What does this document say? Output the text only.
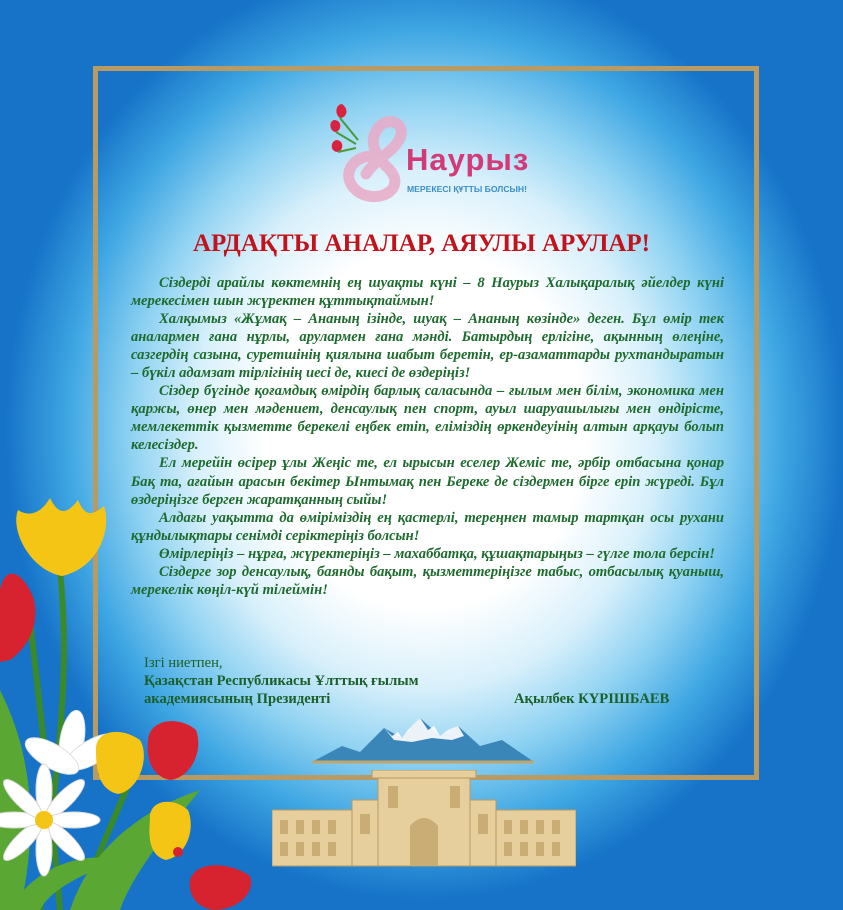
8
Наурыз
МЕРЕКЕСІ ҚҰТТЫ БОЛСЫН!
АРДАҚТЫ АНАЛАР, АЯУЛЫ АРУЛАР!

Сіздерді арайлы көктемнің ең шуақты күні – 8 Наурыз Халықаралық әйелдер күні мерекесімен шын жүректен құттықтаймын!

Халқымыз «Жұмақ – Ананың ізінде, шуақ – Ананың көзінде» деген. Бұл өмір тек аналармен ғана нұрлы, арулармен ғана мәнді. Батырдың ерлігіне, ақынның өлеңіне, сазгердің сазына, суретшінің қиялына шабыт беретін, ер-азаматтарды рухтандыратын – бүкіл адамзат тірлігінің иесі де, киесі де өздеріңіз!

Сіздер бүгінде қоғамдық өмірдің барлық саласында – ғылым мен білім, экономика мен қаржы, өнер мен мәдениет, денсаулық пен спорт, ауыл шаруашылығы мен өндірісте, мемлекеттік қызметте берекелі еңбек етіп, еліміздің өркендеуінің алтын арқауы болып келесіздер.

Ел мерейін өсірер ұлы Жеңіс те, ел ырысын еселер Жеміс те, әрбір отбасына қонар Бақ та, ағайын арасын бекітер Ынтымақ пен Береке де сіздермен бірге еріп жүреді. Бұл өздеріңізге берген жаратқанның сыйы!

Алдағы уақытта да өміріміздің ең қастерлі, тереңнен тамыр тартқан осы рухани құндылықтары сенімді серіктеріңіз болсын!

Өмірлеріңіз – нұрға, жүректеріңіз – махаббатқа, құшақтарыңыз – гүлге тола берсін!

Сіздерге зор денсаулық, баянды бақыт, қызметтеріңізге табыс, отбасылық қуаныш, мерекелік көңіл-күй тілеймін!

Ізгі ниетпен,
Қазақстан Республикасы Ұлттық ғылым
академиясының Президенті	Ақылбек КҮРІШБАЕВ
